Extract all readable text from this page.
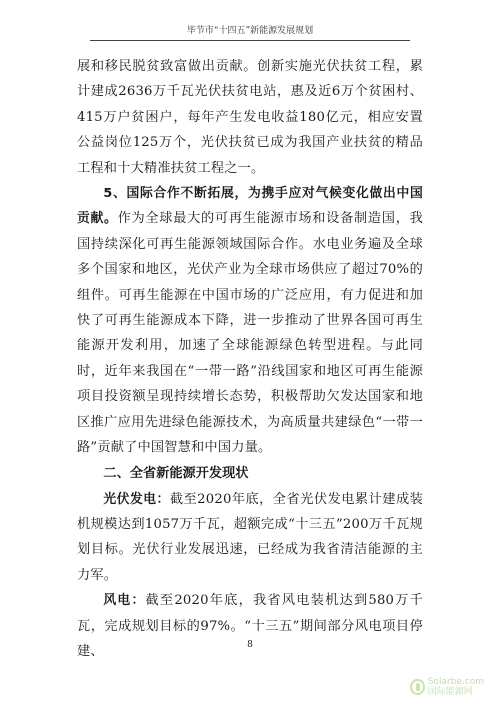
毕节市“十四五”新能源发展规划

展和移民脱贫致富做出贡献。创新实施光伏扶贫工程，累计建成2636万千瓦光伏扶贫电站，惠及近6万个贫困村、415万户贫困户，每年产生发电收益180亿元，相应安置公益岗位125万个，光伏扶贫已成为我国产业扶贫的精品工程和十大精准扶贫工程之一。

5、国际合作不断拓展，为携手应对气候变化做出中国贡献。作为全球最大的可再生能源市场和设备制造国，我国持续深化可再生能源领域国际合作。水电业务遍及全球多个国家和地区，光伏产业为全球市场供应了超过70%的组件。可再生能源在中国市场的广泛应用，有力促进和加快了可再生能源成本下降，进一步推动了世界各国可再生能源开发利用，加速了全球能源绿色转型进程。与此同时，近年来我国在“一带一路”沿线国家和地区可再生能源项目投资额呈现持续增长态势，积极帮助欠发达国家和地区推广应用先进绿色能源技术，为高质量共建绿色“一带一路”贡献了中国智慧和中国力量。

二、全省新能源开发现状

光伏发电：截至2020年底，全省光伏发电累计建成装机规模达到1057万千瓦，超额完成“十三五”200万千瓦规划目标。光伏行业发展迅速，已经成为我省清洁能源的主力军。

风电：截至2020年底，我省风电装机达到580万千瓦，完成规划目标的97%。“十三五”期间部分风电项目停建、	8
Solarbe.com
国际能源网
